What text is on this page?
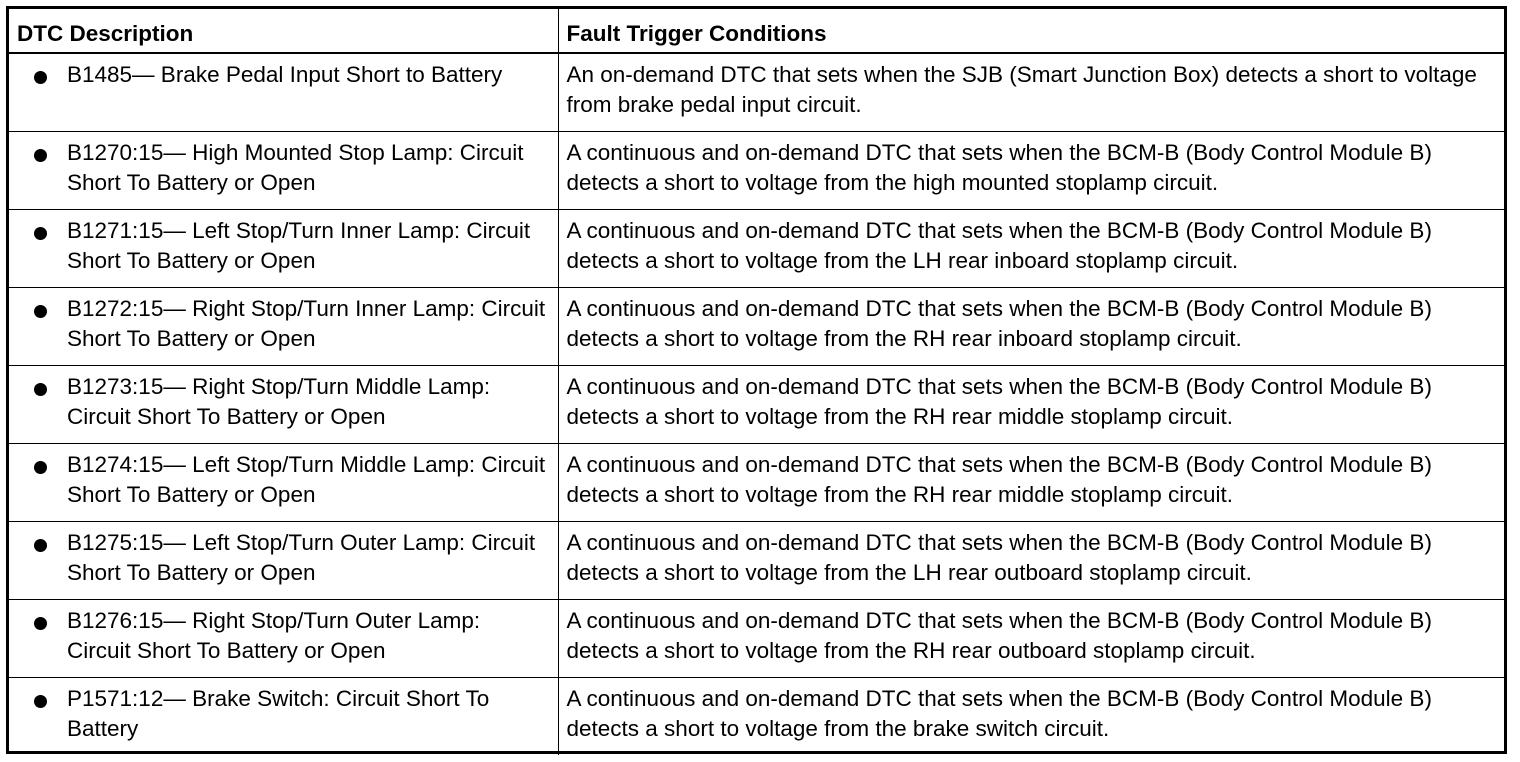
DTC Description	Fault Trigger Conditions

B1485— Brake Pedal Input Short to Battery	An on-demand DTC that sets when the SJB (Smart Junction Box) detects a short to voltage from brake pedal input circuit.

B1270:15— High Mounted Stop Lamp: Circuit Short To Battery or Open	A continuous and on-demand DTC that sets when the BCM-B (Body Control Module B) detects a short to voltage from the high mounted stoplamp circuit.

B1271:15— Left Stop/Turn Inner Lamp: Circuit Short To Battery or Open	A continuous and on-demand DTC that sets when the BCM-B (Body Control Module B) detects a short to voltage from the LH rear inboard stoplamp circuit.

B1272:15— Right Stop/Turn Inner Lamp: Circuit Short To Battery or Open	A continuous and on-demand DTC that sets when the BCM-B (Body Control Module B) detects a short to voltage from the RH rear inboard stoplamp circuit.

B1273:15— Right Stop/Turn Middle Lamp: Circuit Short To Battery or Open	A continuous and on-demand DTC that sets when the BCM-B (Body Control Module B) detects a short to voltage from the RH rear middle stoplamp circuit.

B1274:15— Left Stop/Turn Middle Lamp: Circuit Short To Battery or Open	A continuous and on-demand DTC that sets when the BCM-B (Body Control Module B) detects a short to voltage from the RH rear middle stoplamp circuit.

B1275:15— Left Stop/Turn Outer Lamp: Circuit Short To Battery or Open	A continuous and on-demand DTC that sets when the BCM-B (Body Control Module B) detects a short to voltage from the LH rear outboard stoplamp circuit.

B1276:15— Right Stop/Turn Outer Lamp: Circuit Short To Battery or Open	A continuous and on-demand DTC that sets when the BCM-B (Body Control Module B) detects a short to voltage from the RH rear outboard stoplamp circuit.

P1571:12— Brake Switch: Circuit Short To Battery	A continuous and on-demand DTC that sets when the BCM-B (Body Control Module B) detects a short to voltage from the brake switch circuit.
